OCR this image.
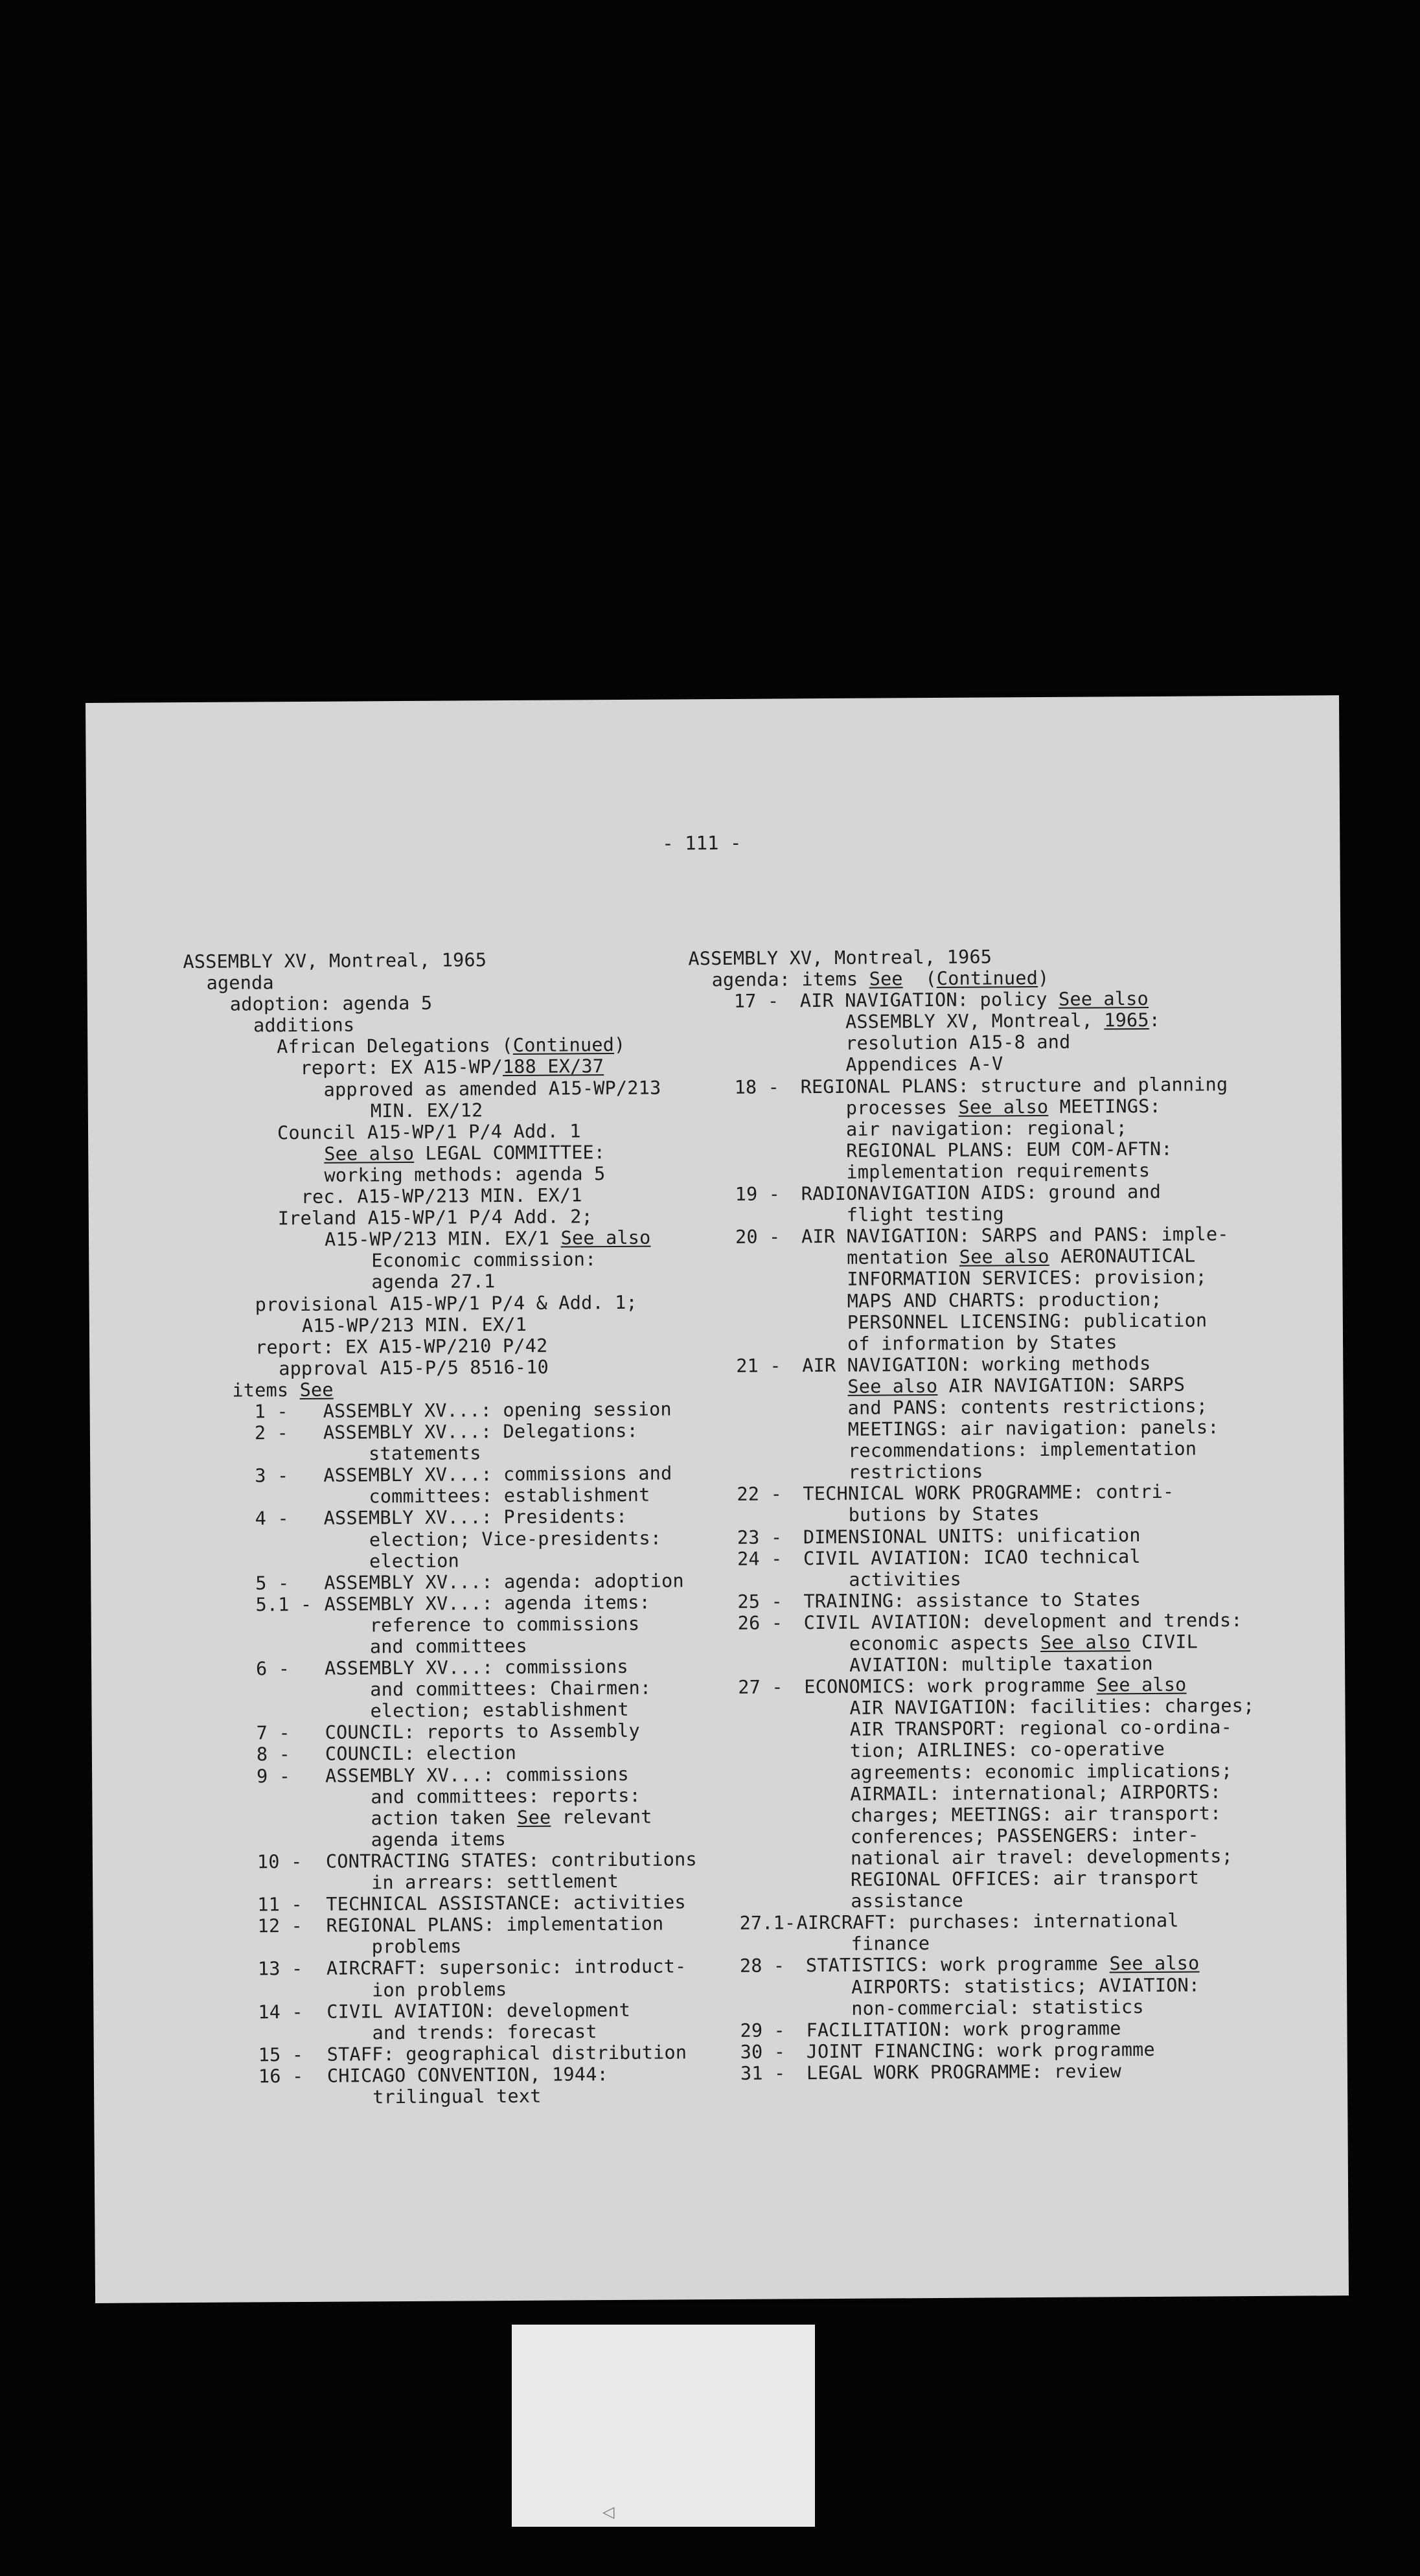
- 111 -
ASSEMBLY XV, Montreal, 1965
agenda
adoption: agenda 5
additions
African Delegations (Continued)
report: EX A15-WP/188 EX/37
approved as amended A15-WP/213
MIN. EX/12
Council A15-WP/1 P/4 Add. 1
See also LEGAL COMMITTEE:
working methods: agenda 5
rec. A15-WP/213 MIN. EX/1
Ireland A15-WP/1 P/4 Add. 2;
A15-WP/213 MIN. EX/1 See also
Economic commission:
agenda 27.1
provisional A15-WP/1 P/4 & Add. 1;
A15-WP/213 MIN. EX/1
report: EX A15-WP/210 P/42
approval A15-P/5 8516-10
items See
1 - ASSEMBLY XV...: opening session
2 - ASSEMBLY XV...: Delegations:
statements
3 - ASSEMBLY XV...: commissions and
committees: establishment
4 - ASSEMBLY XV...: Presidents:
election; Vice-presidents:
election
5 - ASSEMBLY XV...: agenda: adoption
5.1 - ASSEMBLY XV...: agenda items:
reference to commissions
and committees
6 - ASSEMBLY XV...: commissions
and committees: Chairmen:
election; establishment
7 - COUNCIL: reports to Assembly
8 - COUNCIL: election
9 - ASSEMBLY XV...: commissions
and committees: reports:
action taken See relevant
agenda items
10 - CONTRACTING STATES: contributions
in arrears: settlement
11 - TECHNICAL ASSISTANCE: activities
12 - REGIONAL PLANS: implementation
problems
13 - AIRCRAFT: supersonic: introduct-
ion problems
14 - CIVIL AVIATION: development
and trends: forecast
15 - STAFF: geographical distribution
16 - CHICAGO CONVENTION, 1944:
trilingual text
ASSEMBLY XV, Montreal, 1965
agenda: items See  (Continued)
17 - AIR NAVIGATION: policy See also
ASSEMBLY XV, Montreal, 1965:
resolution A15-8 and
Appendices A-V
18 - REGIONAL PLANS: structure and planning
processes See also MEETINGS:
air navigation: regional;
REGIONAL PLANS: EUM COM-AFTN:
implementation requirements
19 - RADIONAVIGATION AIDS: ground and
flight testing
20 - AIR NAVIGATION: SARPS and PANS: imple-
mentation See also AERONAUTICAL
INFORMATION SERVICES: provision;
MAPS AND CHARTS: production;
PERSONNEL LICENSING: publication
of information by States
21 - AIR NAVIGATION: working methods
See also AIR NAVIGATION: SARPS
and PANS: contents restrictions;
MEETINGS: air navigation: panels:
recommendations: implementation
restrictions
22 - TECHNICAL WORK PROGRAMME: contri-
butions by States
23 - DIMENSIONAL UNITS: unification
24 - CIVIL AVIATION: ICAO technical
activities
25 - TRAINING: assistance to States
26 - CIVIL AVIATION: development and trends:
economic aspects See also CIVIL
AVIATION: multiple taxation
27 - ECONOMICS: work programme See also
AIR NAVIGATION: facilities: charges;
AIR TRANSPORT: regional co-ordina-
tion; AIRLINES: co-operative
agreements: economic implications;
AIRMAIL: international; AIRPORTS:
charges; MEETINGS: air transport:
conferences; PASSENGERS: inter-
national air travel: developments;
REGIONAL OFFICES: air transport
assistance
27.1-AIRCRAFT: purchases: international
finance
28 - STATISTICS: work programme See also
AIRPORTS: statistics; AVIATION:
non-commercial: statistics
29 - FACILITATION: work programme
30 - JOINT FINANCING: work programme
31 - LEGAL WORK PROGRAMME: review
◁
